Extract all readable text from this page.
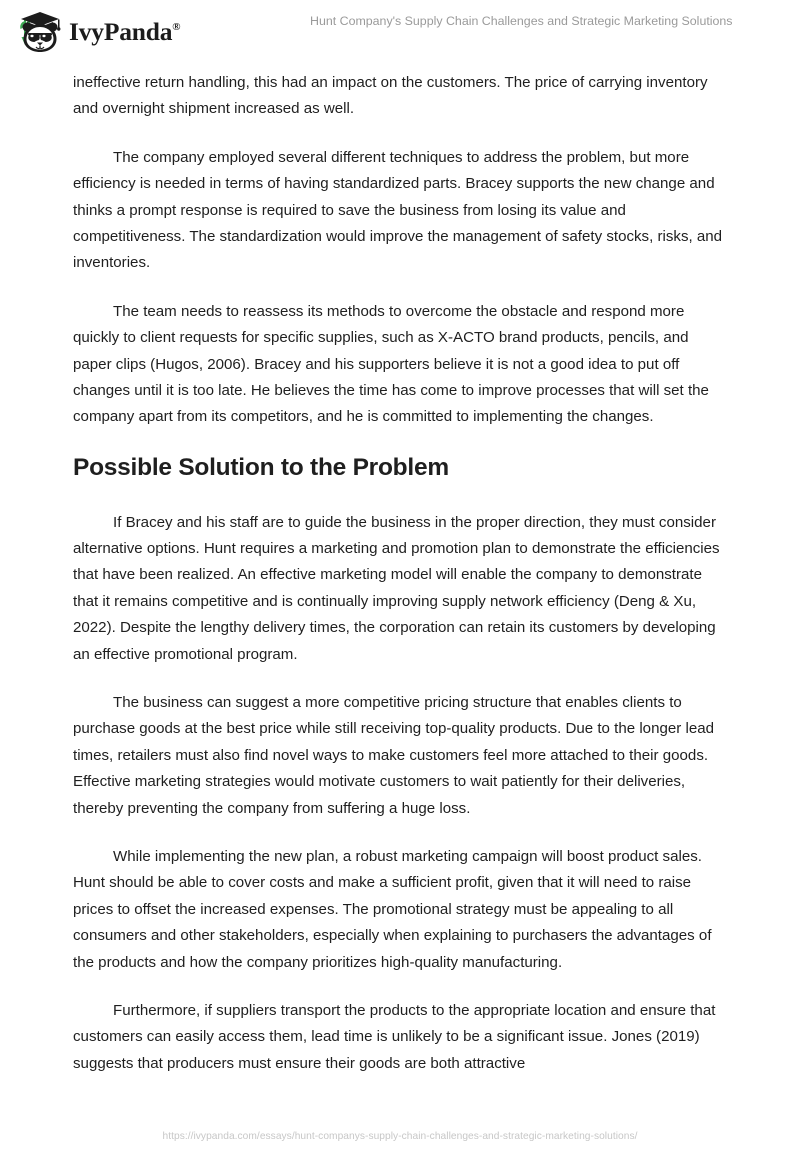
IvyPanda®	Hunt Company's Supply Chain Challenges and Strategic Marketing Solutions

ineffective return handling, this had an impact on the customers. The price of carrying inventory and overnight shipment increased as well.

The company employed several different techniques to address the problem, but more efficiency is needed in terms of having standardized parts. Bracey supports the new change and thinks a prompt response is required to save the business from losing its value and competitiveness. The standardization would improve the management of safety stocks, risks, and inventories.

The team needs to reassess its methods to overcome the obstacle and respond more quickly to client requests for specific supplies, such as X-ACTO brand products, pencils, and paper clips (Hugos, 2006). Bracey and his supporters believe it is not a good idea to put off changes until it is too late. He believes the time has come to improve processes that will set the company apart from its competitors, and he is committed to implementing the changes.

Possible Solution to the Problem

If Bracey and his staff are to guide the business in the proper direction, they must consider alternative options. Hunt requires a marketing and promotion plan to demonstrate the efficiencies that have been realized. An effective marketing model will enable the company to demonstrate that it remains competitive and is continually improving supply network efficiency (Deng & Xu, 2022). Despite the lengthy delivery times, the corporation can retain its customers by developing an effective promotional program.

The business can suggest a more competitive pricing structure that enables clients to purchase goods at the best price while still receiving top-quality products. Due to the longer lead times, retailers must also find novel ways to make customers feel more attached to their goods. Effective marketing strategies would motivate customers to wait patiently for their deliveries, thereby preventing the company from suffering a huge loss.

While implementing the new plan, a robust marketing campaign will boost product sales. Hunt should be able to cover costs and make a sufficient profit, given that it will need to raise prices to offset the increased expenses. The promotional strategy must be appealing to all consumers and other stakeholders, especially when explaining to purchasers the advantages of the products and how the company prioritizes high-quality manufacturing.

Furthermore, if suppliers transport the products to the appropriate location and ensure that customers can easily access them, lead time is unlikely to be a significant issue. Jones (2019) suggests that producers must ensure their goods are both attractive

https://ivypanda.com/essays/hunt-companys-supply-chain-challenges-and-strategic-marketing-solutions/
